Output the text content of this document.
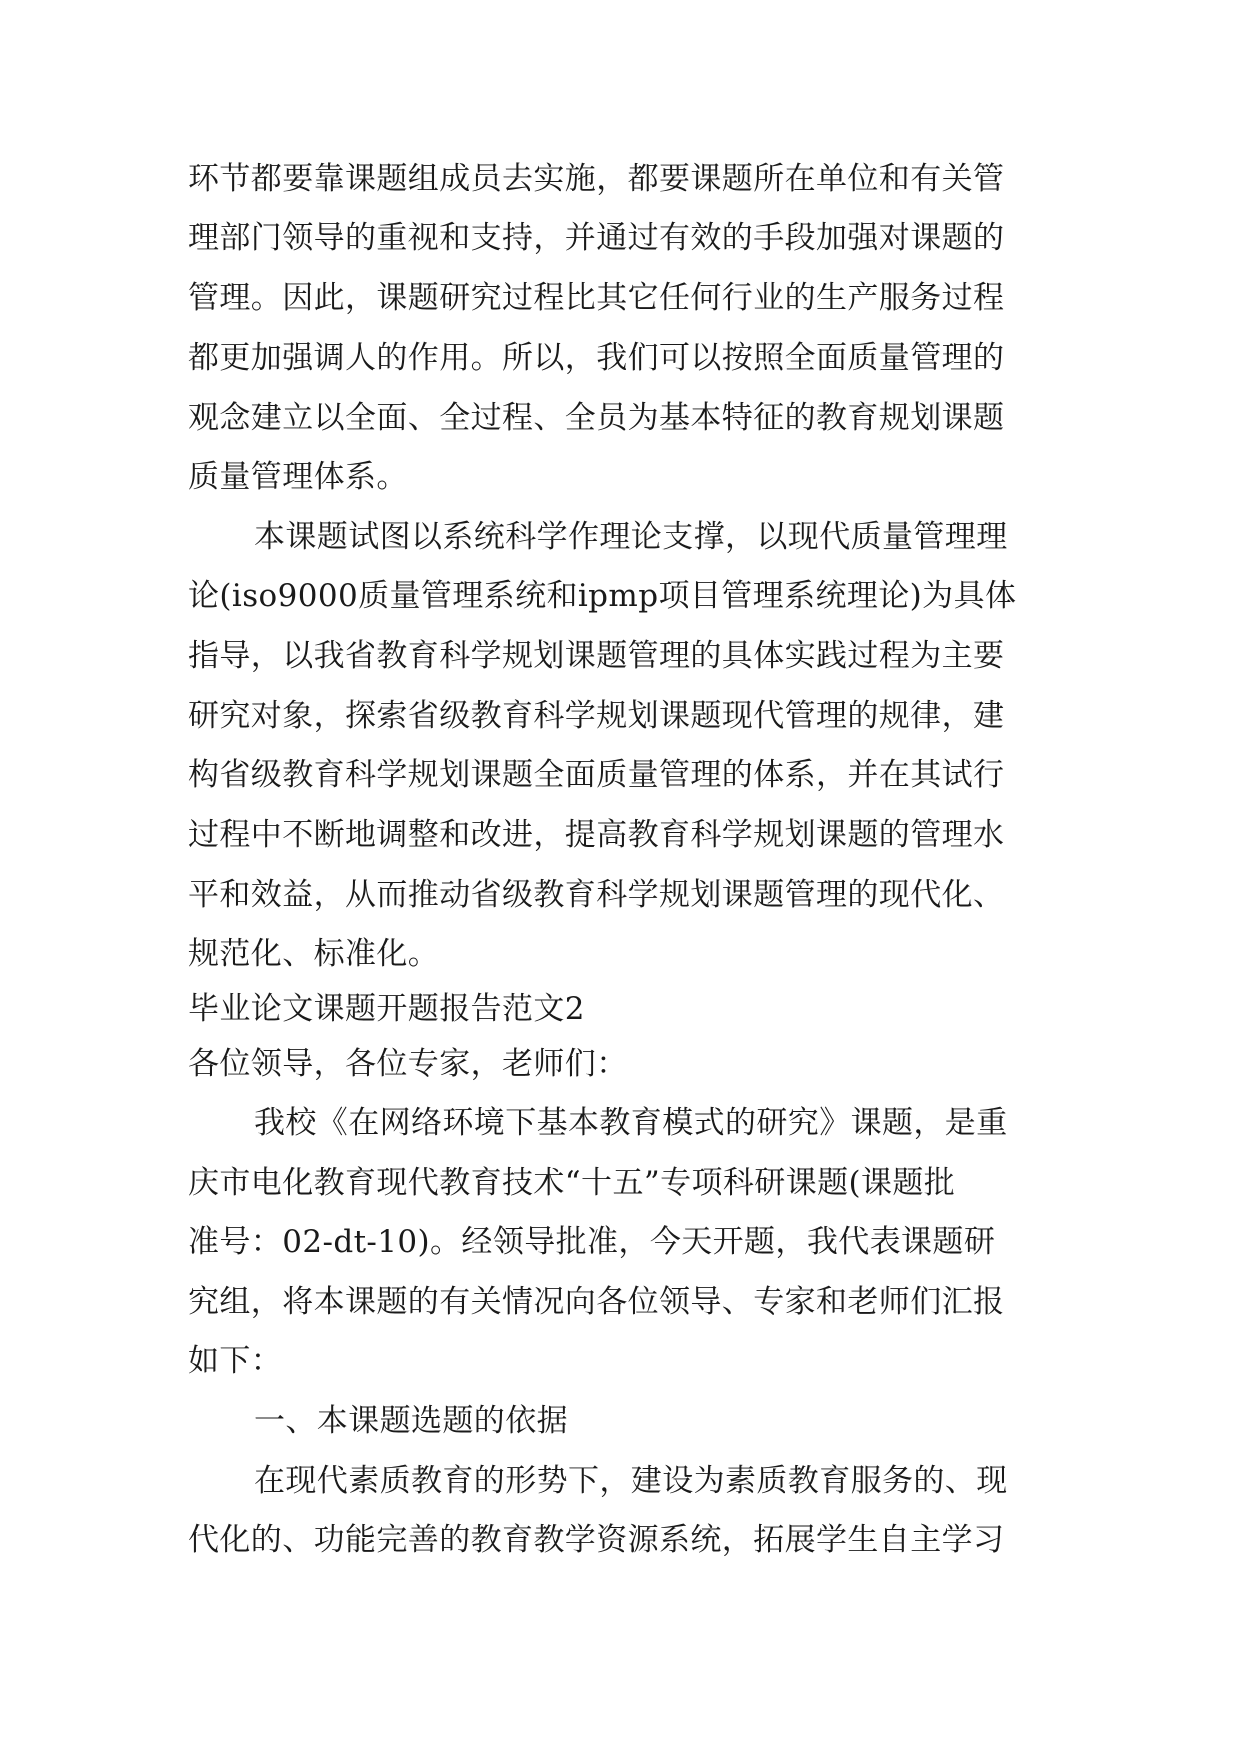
环节都要靠课题组成员去实施，都要课题所在单位和有关管
理部门领导的重视和支持，并通过有效的手段加强对课题的
管理。因此，课题研究过程比其它任何行业的生产服务过程
都更加强调人的作用。所以，我们可以按照全面质量管理的
观念建立以全面、全过程、全员为基本特征的教育规划课题
质量管理体系。
本课题试图以系统科学作理论支撑，以现代质量管理理
论(iso9000质量管理系统和ipmp项目管理系统理论)为具体
指导，以我省教育科学规划课题管理的具体实践过程为主要
研究对象，探索省级教育科学规划课题现代管理的规律，建
构省级教育科学规划课题全面质量管理的体系，并在其试行
过程中不断地调整和改进，提高教育科学规划课题的管理水
平和效益，从而推动省级教育科学规划课题管理的现代化、
规范化、标准化。
毕业论文课题开题报告范文2
各位领导，各位专家，老师们：
我校《在网络环境下基本教育模式的研究》课题，是重
庆市电化教育现代教育技术“十五”专项科研课题(课题批
准号：02-dt-10)。经领导批准，今天开题，我代表课题研
究组，将本课题的有关情况向各位领导、专家和老师们汇报
如下：
一、本课题选题的依据
在现代素质教育的形势下，建设为素质教育服务的、现
代化的、功能完善的教育教学资源系统，拓展学生自主学习
